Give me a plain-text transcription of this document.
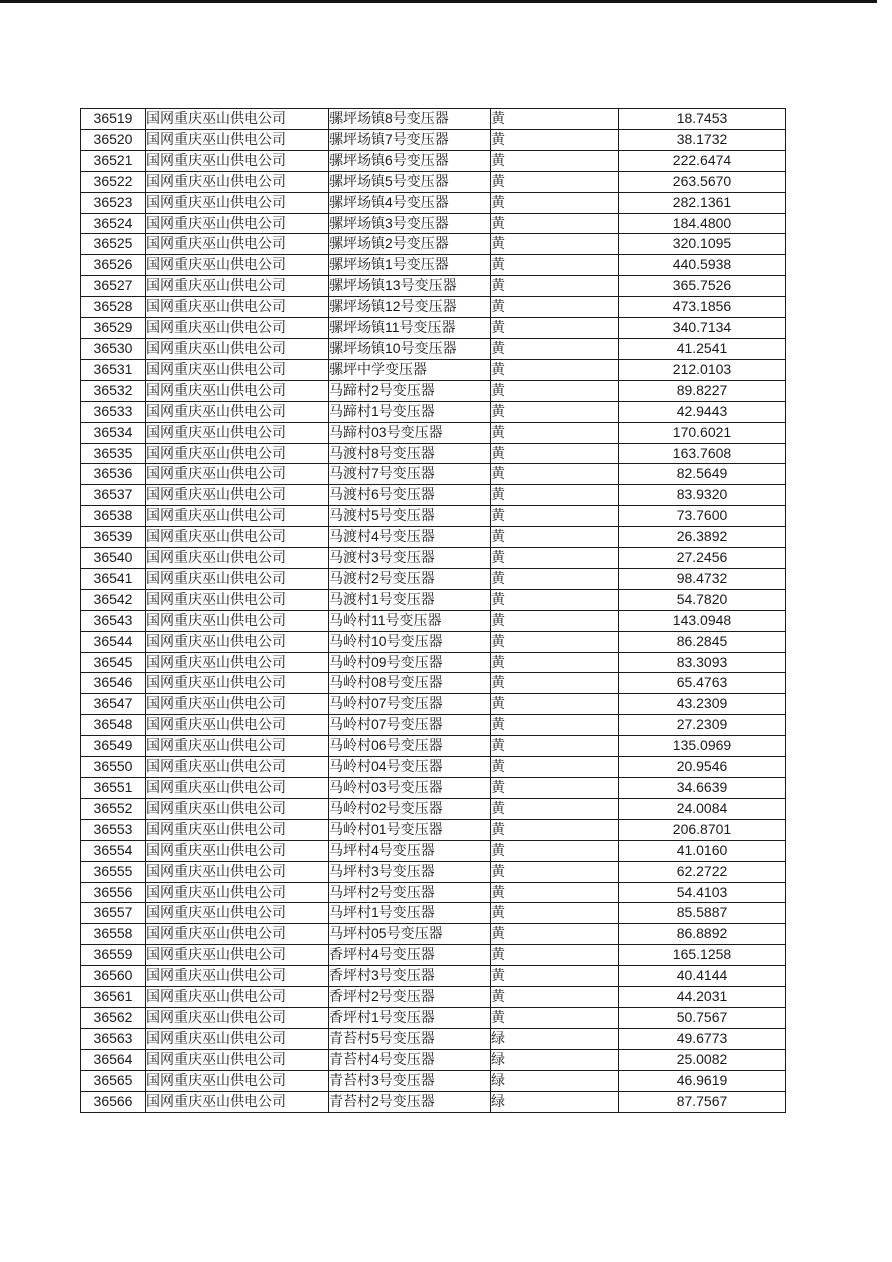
36519	国网重庆巫山供电公司	骡坪场镇8号变压器	黄	18.7453
36520	国网重庆巫山供电公司	骡坪场镇7号变压器	黄	38.1732
36521	国网重庆巫山供电公司	骡坪场镇6号变压器	黄	222.6474
36522	国网重庆巫山供电公司	骡坪场镇5号变压器	黄	263.5670
36523	国网重庆巫山供电公司	骡坪场镇4号变压器	黄	282.1361
36524	国网重庆巫山供电公司	骡坪场镇3号变压器	黄	184.4800
36525	国网重庆巫山供电公司	骡坪场镇2号变压器	黄	320.1095
36526	国网重庆巫山供电公司	骡坪场镇1号变压器	黄	440.5938
36527	国网重庆巫山供电公司	骡坪场镇13号变压器	黄	365.7526
36528	国网重庆巫山供电公司	骡坪场镇12号变压器	黄	473.1856
36529	国网重庆巫山供电公司	骡坪场镇11号变压器	黄	340.7134
36530	国网重庆巫山供电公司	骡坪场镇10号变压器	黄	41.2541
36531	国网重庆巫山供电公司	骡坪中学变压器	黄	212.0103
36532	国网重庆巫山供电公司	马蹄村2号变压器	黄	89.8227
36533	国网重庆巫山供电公司	马蹄村1号变压器	黄	42.9443
36534	国网重庆巫山供电公司	马蹄村03号变压器	黄	170.6021
36535	国网重庆巫山供电公司	马渡村8号变压器	黄	163.7608
36536	国网重庆巫山供电公司	马渡村7号变压器	黄	82.5649
36537	国网重庆巫山供电公司	马渡村6号变压器	黄	83.9320
36538	国网重庆巫山供电公司	马渡村5号变压器	黄	73.7600
36539	国网重庆巫山供电公司	马渡村4号变压器	黄	26.3892
36540	国网重庆巫山供电公司	马渡村3号变压器	黄	27.2456
36541	国网重庆巫山供电公司	马渡村2号变压器	黄	98.4732
36542	国网重庆巫山供电公司	马渡村1号变压器	黄	54.7820
36543	国网重庆巫山供电公司	马岭村11号变压器	黄	143.0948
36544	国网重庆巫山供电公司	马岭村10号变压器	黄	86.2845
36545	国网重庆巫山供电公司	马岭村09号变压器	黄	83.3093
36546	国网重庆巫山供电公司	马岭村08号变压器	黄	65.4763
36547	国网重庆巫山供电公司	马岭村07号变压器	黄	43.2309
36548	国网重庆巫山供电公司	马岭村07号变压器	黄	27.2309
36549	国网重庆巫山供电公司	马岭村06号变压器	黄	135.0969
36550	国网重庆巫山供电公司	马岭村04号变压器	黄	20.9546
36551	国网重庆巫山供电公司	马岭村03号变压器	黄	34.6639
36552	国网重庆巫山供电公司	马岭村02号变压器	黄	24.0084
36553	国网重庆巫山供电公司	马岭村01号变压器	黄	206.8701
36554	国网重庆巫山供电公司	马坪村4号变压器	黄	41.0160
36555	国网重庆巫山供电公司	马坪村3号变压器	黄	62.2722
36556	国网重庆巫山供电公司	马坪村2号变压器	黄	54.4103
36557	国网重庆巫山供电公司	马坪村1号变压器	黄	85.5887
36558	国网重庆巫山供电公司	马坪村05号变压器	黄	86.8892
36559	国网重庆巫山供电公司	香坪村4号变压器	黄	165.1258
36560	国网重庆巫山供电公司	香坪村3号变压器	黄	40.4144
36561	国网重庆巫山供电公司	香坪村2号变压器	黄	44.2031
36562	国网重庆巫山供电公司	香坪村1号变压器	黄	50.7567
36563	国网重庆巫山供电公司	青苔村5号变压器	绿	49.6773
36564	国网重庆巫山供电公司	青苔村4号变压器	绿	25.0082
36565	国网重庆巫山供电公司	青苔村3号变压器	绿	46.9619
36566	国网重庆巫山供电公司	青苔村2号变压器	绿	87.7567
